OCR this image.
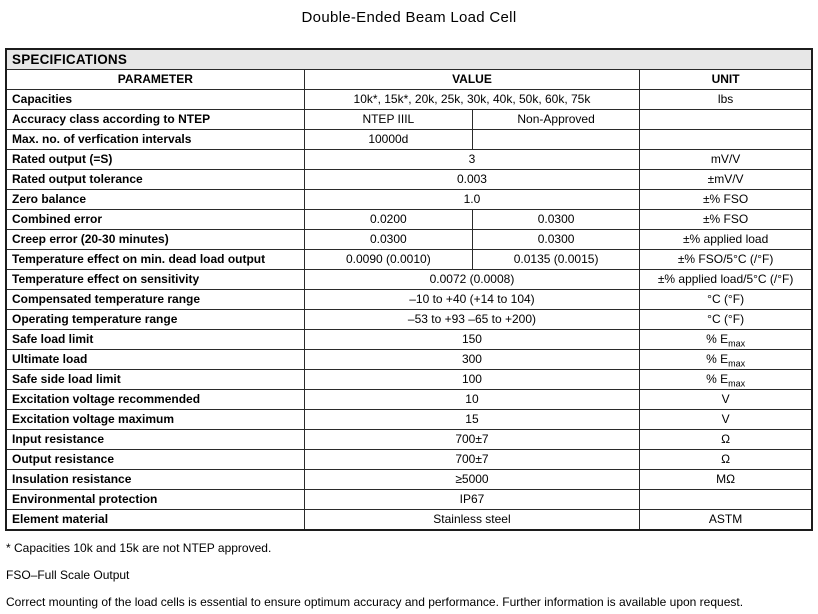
Double-Ended Beam Load Cell
SPECIFICATIONS			
PARAMETER	VALUE		UNIT
Capacities	10k*, 15k*, 20k, 25k, 30k, 40k, 50k, 60k, 75k		lbs
Accuracy class according to NTEP	NTEP IIIL	Non-Approved	
Max. no. of verfication intervals	10000d		
Rated output (=S)	3		mV/V
Rated output tolerance	0.003		±mV/V
Zero balance	1.0		±% FSO
Combined error	0.0200	0.0300	±% FSO
Creep error (20-30 minutes)	0.0300	0.0300	±% applied load
Temperature effect on min. dead load output	0.0090 (0.0010)	0.0135 (0.0015)	±% FSO/5°C (/°F)
Temperature effect on sensitivity	0.0072 (0.0008)		±% applied load/5°C (/°F)
Compensated temperature range	–10 to +40 (+14 to 104)		°C (°F)
Operating temperature range	–53 to +93 –65 to +200)		°C (°F)
Safe load limit	150		% $E_{max}$
Ultimate load	300		% $E_{max}$
Safe side load limit	100		% $E_{max}$
Excitation voltage recommended	10		V
Excitation voltage maximum	15		V
Input resistance	700±7		Ω
Output resistance	700±7		Ω
Insulation resistance	≥5000		MΩ
Environmental protection	IP67		
Element material	Stainless steel		ASTM
* Capacities 10k and 15k are not NTEP approved.
FSO–Full Scale Output
Correct mounting of the load cells is essential to ensure optimum accuracy and performance. Further information is available upon request.
